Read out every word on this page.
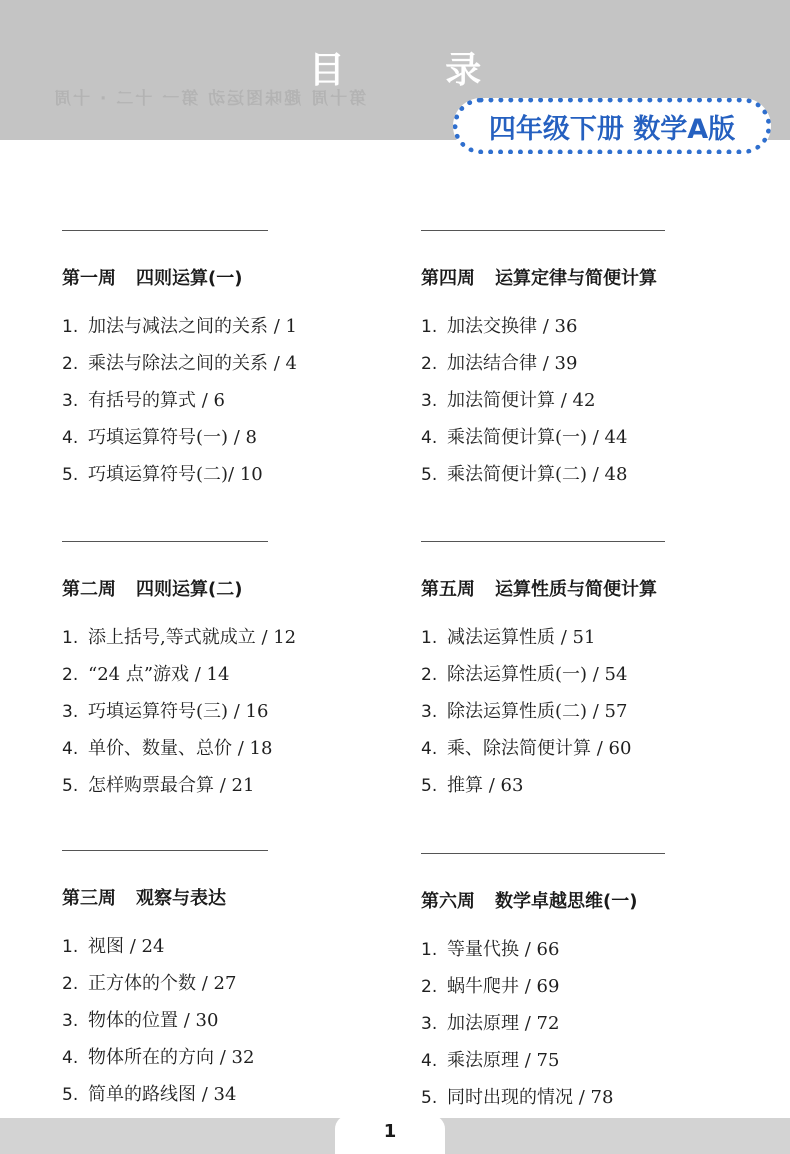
第十周 趣味图运动 第一 十二 · 十周
目 录
四年级下册 数学A版
第一周 四则运算(一)
1. 加法与减法之间的关系 / 1
2. 乘法与除法之间的关系 / 4
3. 有括号的算式 / 6
4. 巧填运算符号(一) / 8
5. 巧填运算符号(二)/ 10
第二周 四则运算(二)
1. 添上括号,等式就成立 / 12
2. “24 点”游戏 / 14
3. 巧填运算符号(三) / 16
4. 单价、数量、总价 / 18
5. 怎样购票最合算 / 21
第三周 观察与表达
1. 视图 / 24
2. 正方体的个数 / 27
3. 物体的位置 / 30
4. 物体所在的方向 / 32
5. 简单的路线图 / 34
第四周 运算定律与简便计算
1. 加法交换律 / 36
2. 加法结合律 / 39
3. 加法简便计算 / 42
4. 乘法简便计算(一) / 44
5. 乘法简便计算(二) / 48
第五周 运算性质与简便计算
1. 减法运算性质 / 51
2. 除法运算性质(一) / 54
3. 除法运算性质(二) / 57
4. 乘、除法简便计算 / 60
5. 推算 / 63
第六周 数学卓越思维(一)
1. 等量代换 / 66
2. 蜗牛爬井 / 69
3. 加法原理 / 72
4. 乘法原理 / 75
5. 同时出现的情况 / 78
1
